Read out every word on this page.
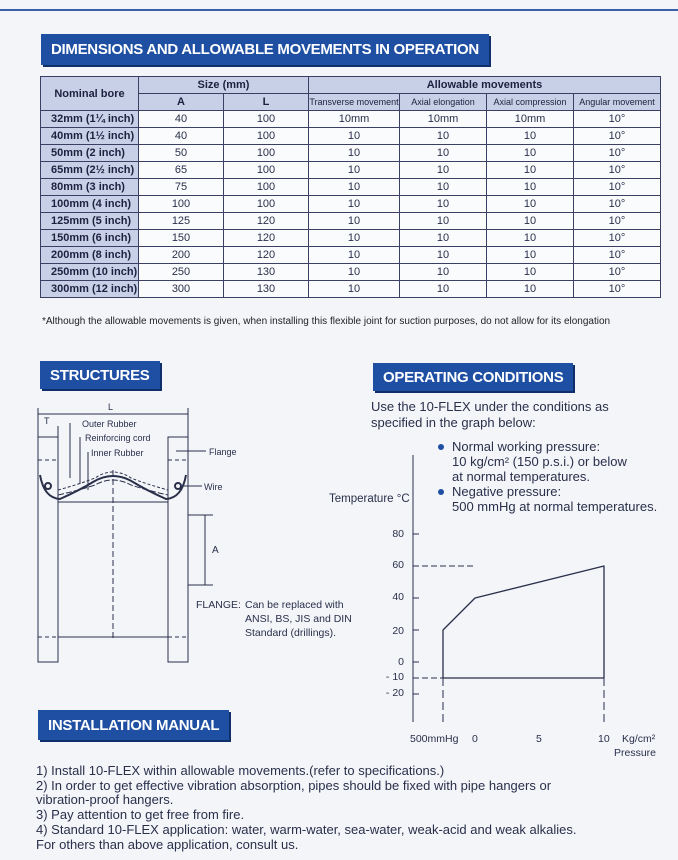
DIMENSIONS AND ALLOWABLE MOVEMENTS IN OPERATION
Nominal bore	Size (mm)		Allowable movements			
	A	L	Transverse movement	Axial elongation	Axial compression	Angular movement
32mm (1¼ inch)	40	100	10mm	10mm	10mm	10°
40mm (1½ inch)	40	100	10	10	10	10°
50mm (2 inch)	50	100	10	10	10	10°
65mm (2½ inch)	65	100	10	10	10	10°
80mm (3 inch)	75	100	10	10	10	10°
100mm (4 inch)	100	100	10	10	10	10°
125mm (5 inch)	125	120	10	10	10	10°
150mm (6 inch)	150	120	10	10	10	10°
200mm (8 inch)	200	120	10	10	10	10°
250mm (10 inch)	250	130	10	10	10	10°
300mm (12 inch)	300	130	10	10	10	10°
*Although the allowable movements is given, when installing this flexible joint for suction purposes, do not allow for its elongation
STRUCTURES
L
T	Outer Rubber
Reinforcing cord
Inner Rubber	Flange
Wire
A
FLANGE: Can be replaced with
ANSI, BS, JIS and DIN
Standard (drillings).
OPERATING CONDITIONS
Use the 10-FLEX under the conditions as
specified in the graph below:
Normal working pressure:
10 kg/cm² (150 p.s.i.) or below
at normal temperatures.
Negative pressure:
500 mmHg at normal temperatures.
Temperature °C
500mmHg 0	5	10 Kg/cm²
Pressure
80
60
40
20
0
- 10
- 20
INSTALLATION MANUAL
1) Install 10-FLEX within allowable movements.(refer to specifications.)
2) In order to get effective vibration absorption, pipes should be fixed with pipe hangers or
vibration-proof hangers.
3) Pay attention to get free from fire.
4) Standard 10-FLEX application: water, warm-water, sea-water, weak-acid and weak alkalies.
For others than above application, consult us.
